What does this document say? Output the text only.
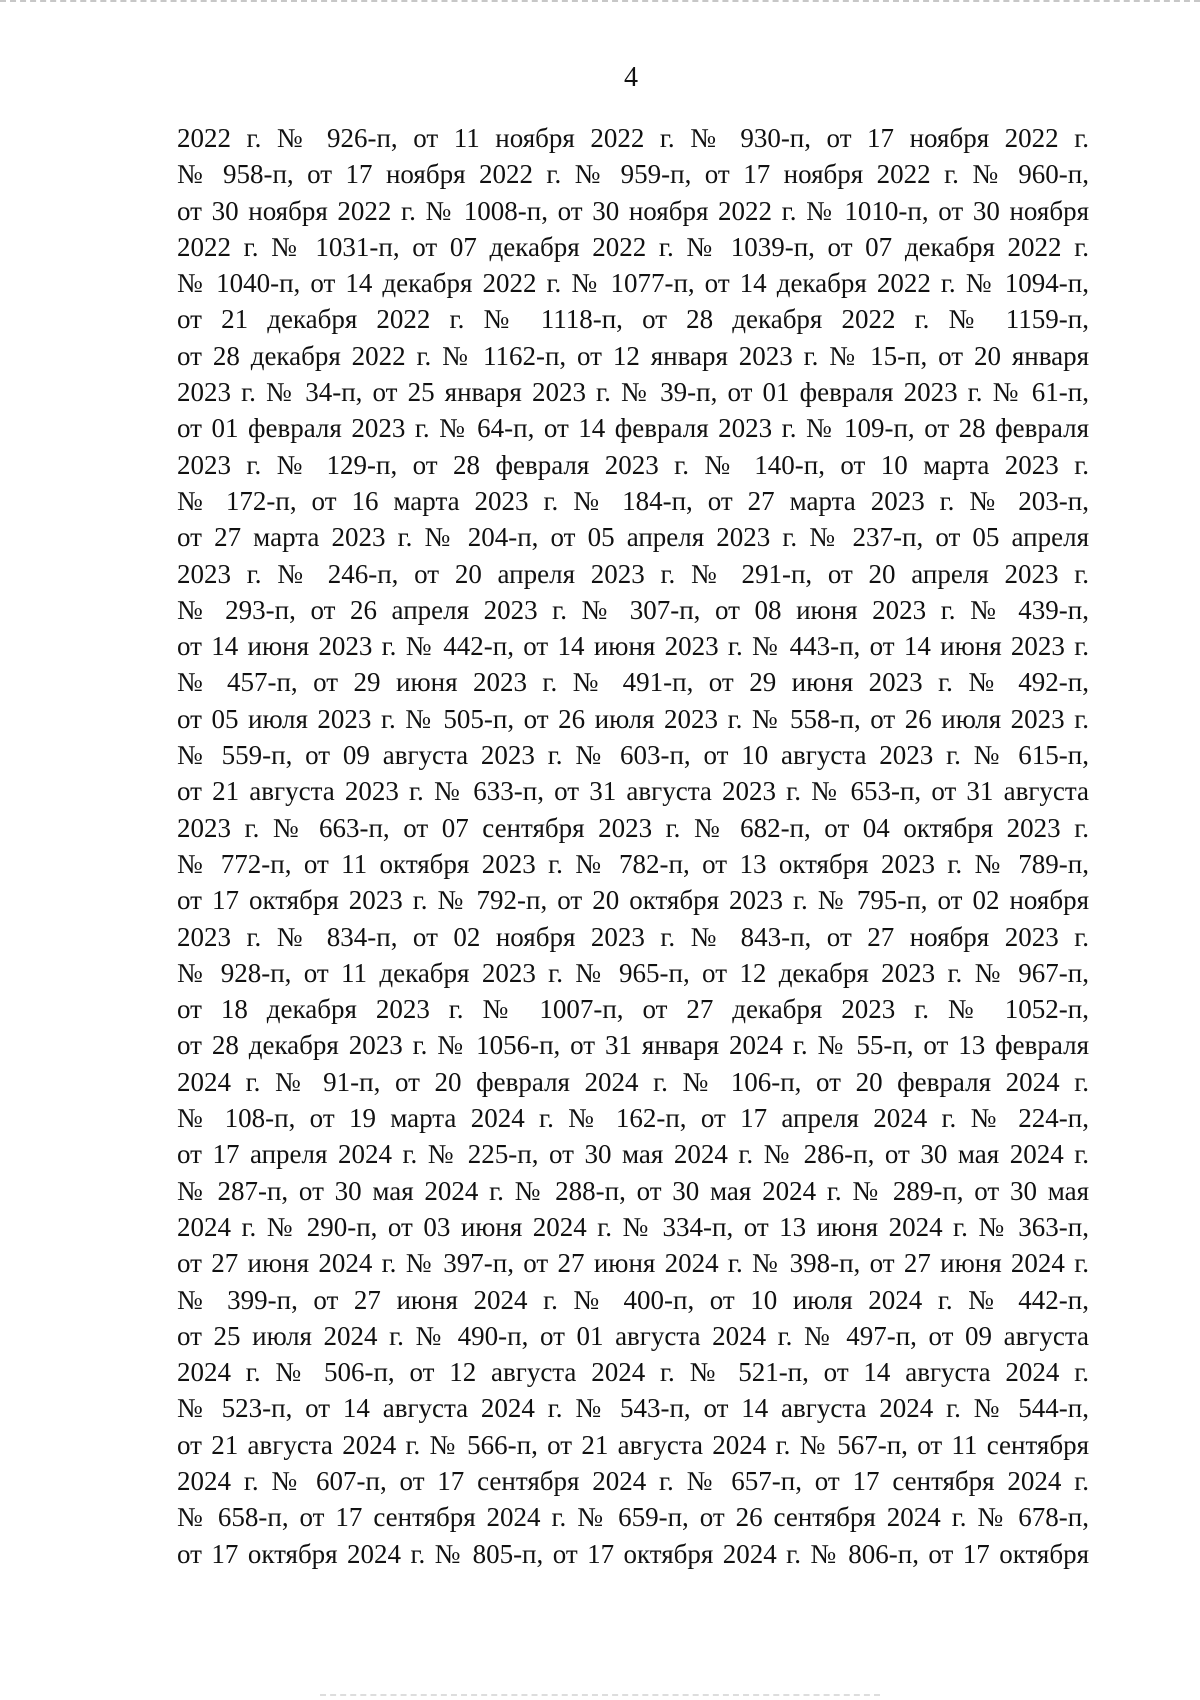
4
2022 г. № 926-п, от 11 ноября 2022 г. № 930-п, от 17 ноября 2022 г.
№ 958-п, от 17 ноября 2022 г. № 959-п, от 17 ноября 2022 г. № 960-п,
от 30 ноября 2022 г. № 1008-п, от 30 ноября 2022 г. № 1010-п, от 30 ноября
2022 г. № 1031-п, от 07 декабря 2022 г. № 1039-п, от 07 декабря 2022 г.
№ 1040-п, от 14 декабря 2022 г. № 1077-п, от 14 декабря 2022 г. № 1094-п,
от 21 декабря 2022 г. № 1118-п, от 28 декабря 2022 г. № 1159-п,
от 28 декабря 2022 г. № 1162-п, от 12 января 2023 г. № 15-п, от 20 января
2023 г. № 34-п, от 25 января 2023 г. № 39-п, от 01 февраля 2023 г. № 61-п,
от 01 февраля 2023 г. № 64-п, от 14 февраля 2023 г. № 109-п, от 28 февраля
2023 г. № 129-п, от 28 февраля 2023 г. № 140-п, от 10 марта 2023 г.
№ 172-п, от 16 марта 2023 г. № 184-п, от 27 марта 2023 г. № 203-п,
от 27 марта 2023 г. № 204-п, от 05 апреля 2023 г. № 237-п, от 05 апреля
2023 г. № 246-п, от 20 апреля 2023 г. № 291-п, от 20 апреля 2023 г.
№ 293-п, от 26 апреля 2023 г. № 307-п, от 08 июня 2023 г. № 439-п,
от 14 июня 2023 г. № 442-п, от 14 июня 2023 г. № 443-п, от 14 июня 2023 г.
№ 457-п, от 29 июня 2023 г. № 491-п, от 29 июня 2023 г. № 492-п,
от 05 июля 2023 г. № 505-п, от 26 июля 2023 г. № 558-п, от 26 июля 2023 г.
№ 559-п, от 09 августа 2023 г. № 603-п, от 10 августа 2023 г. № 615-п,
от 21 августа 2023 г. № 633-п, от 31 августа 2023 г. № 653-п, от 31 августа
2023 г. № 663-п, от 07 сентября 2023 г. № 682-п, от 04 октября 2023 г.
№ 772-п, от 11 октября 2023 г. № 782-п, от 13 октября 2023 г. № 789-п,
от 17 октября 2023 г. № 792-п, от 20 октября 2023 г. № 795-п, от 02 ноября
2023 г. № 834-п, от 02 ноября 2023 г. № 843-п, от 27 ноября 2023 г.
№ 928-п, от 11 декабря 2023 г. № 965-п, от 12 декабря 2023 г. № 967-п,
от 18 декабря 2023 г. № 1007-п, от 27 декабря 2023 г. № 1052-п,
от 28 декабря 2023 г. № 1056-п, от 31 января 2024 г. № 55-п, от 13 февраля
2024 г. № 91-п, от 20 февраля 2024 г. № 106-п, от 20 февраля 2024 г.
№ 108-п, от 19 марта 2024 г. № 162-п, от 17 апреля 2024 г. № 224-п,
от 17 апреля 2024 г. № 225-п, от 30 мая 2024 г. № 286-п, от 30 мая 2024 г.
№ 287-п, от 30 мая 2024 г. № 288-п, от 30 мая 2024 г. № 289-п, от 30 мая
2024 г. № 290-п, от 03 июня 2024 г. № 334-п, от 13 июня 2024 г. № 363-п,
от 27 июня 2024 г. № 397-п, от 27 июня 2024 г. № 398-п, от 27 июня 2024 г.
№ 399-п, от 27 июня 2024 г. № 400-п, от 10 июля 2024 г. № 442-п,
от 25 июля 2024 г. № 490-п, от 01 августа 2024 г. № 497-п, от 09 августа
2024 г. № 506-п, от 12 августа 2024 г. № 521-п, от 14 августа 2024 г.
№ 523-п, от 14 августа 2024 г. № 543-п, от 14 августа 2024 г. № 544-п,
от 21 августа 2024 г. № 566-п, от 21 августа 2024 г. № 567-п, от 11 сентября
2024 г. № 607-п, от 17 сентября 2024 г. № 657-п, от 17 сентября 2024 г.
№ 658-п, от 17 сентября 2024 г. № 659-п, от 26 сентября 2024 г. № 678-п,
от 17 октября 2024 г. № 805-п, от 17 октября 2024 г. № 806-п, от 17 октября
